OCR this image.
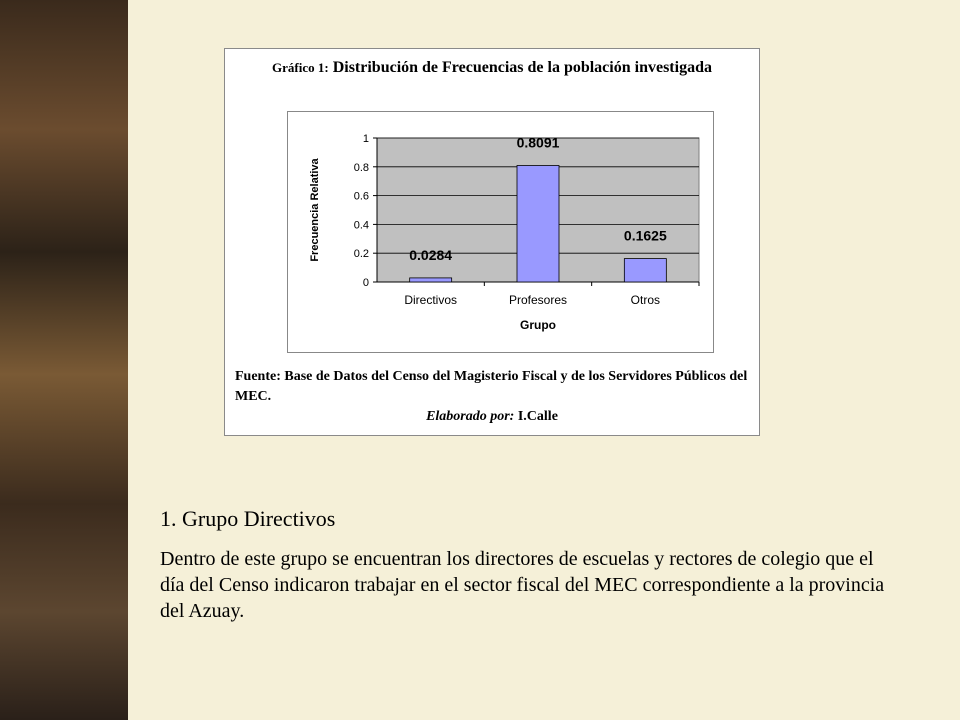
Gráfico 1: Distribución de Frecuencias de la población investigada
0
0.2
0.4
0.6
0.8
1
0.0284
Directivos
0.8091
Profesores
0.1625
Otros
Grupo
Frecuencia Relativa
Fuente: Base de Datos del Censo del Magisterio Fiscal y de los Servidores Públicos del MEC.
Elaborado por: I.Calle
1. Grupo Directivos
Dentro de este grupo se encuentran los directores de escuelas y rectores de colegio que el día del Censo indicaron trabajar en el sector fiscal del MEC correspondiente a la provincia del Azuay.
